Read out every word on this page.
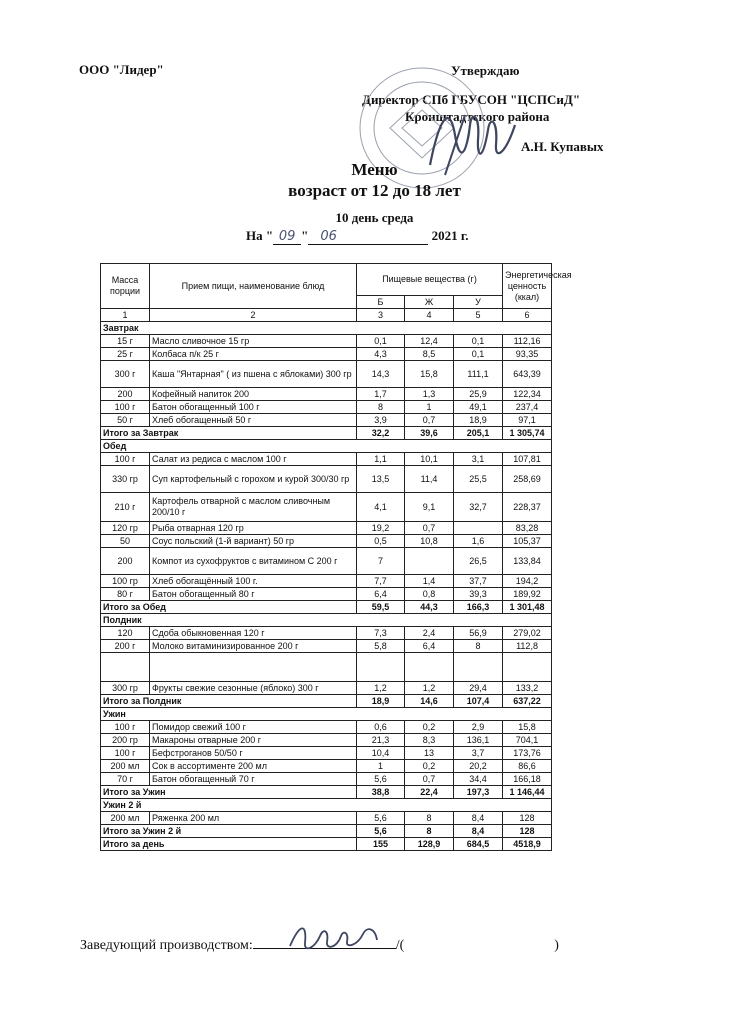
ООО "Лидер"	Утверждаю
Директор СПб ГБУСОН "ЦСПСиД"
Кронштадтского района
А.Н. Купавых
Меню
возраст от 12 до 18 лет
10 день среда
На " 09 " 06	2021 г.
Масса порции	Прием пищи, наименование блюд	Пищевые вещества (г)			Энергетическая ценность (ккал)
		Б	Ж	У	
1	2	3	4	5	6
Завтрак					
15 г	Масло сливочное 15 гр	0,1	12,4	0,1	112,16
25 г	Колбаса п/к 25 г	4,3	8,5	0,1	93,35
300 г	Каша "Янтарная" ( из пшена с яблоками) 300 гр	14,3	15,8	111,1	643,39
200	Кофейный напиток 200	1,7	1,3	25,9	122,34
100 г	Батон обогащенный 100 г	8	1	49,1	237,4
50 г	Хлеб обогащенный 50 г	3,9	0,7	18,9	97,1
Итого за Завтрак		32,2	39,6	205,1	1 305,74
Обед					
100 г	Салат из редиса с маслом 100 г	1,1	10,1	3,1	107,81
330 гр	Суп картофельный с горохом и курой 300/30 гр	13,5	11,4	25,5	258,69
210 г	Картофель отварной с маслом сливочным 200/10 г	4,1	9,1	32,7	228,37
120 гр	Рыба отварная 120 гр	19,2	0,7		83,28
50	Соус польский (1-й вариант) 50 гр	0,5	10,8	1,6	105,37
200	Компот из сухофруктов с витамином С 200 г	7		26,5	133,84
100 гр	Хлеб обогащённый 100 г.	7,7	1,4	37,7	194,2
80 г	Батон обогащенный 80 г	6,4	0,8	39,3	189,92
Итого за Обед		59,5	44,3	166,3	1 301,48
Полдник					
120	Сдоба обыкновенная 120 г	7,3	2,4	56,9	279,02
200 г	Молоко витаминизированное 200 г	5,8	6,4	8	112,8

300 гр	Фрукты свежие сезонные (яблоко) 300 г	1,2	1,2	29,4	133,2
Итого за Полдник		18,9	14,6	107,4	637,22
Ужин					
100 г	Помидор свежий 100 г	0,6	0,2	2,9	15,8
200 гр	Макароны отварные 200 г	21,3	8,3	136,1	704,1
100 г	Бефстроганов 50/50 г	10,4	13	3,7	173,76
200 мл	Сок в ассортименте 200 мл	1	0,2	20,2	86,6
70 г	Батон обогащенный 70 г	5,6	0,7	34,4	166,18
Итого за Ужин		38,8	22,4	197,3	1 146,44
Ужин 2 й					
200 мл	Ряженка 200 мл	5,6	8	8,4	128
Итого за Ужин 2 й		5,6	8	8,4	128
Итого за день		155	128,9	684,5	4518,9
Заведующий производством:	/(	)
